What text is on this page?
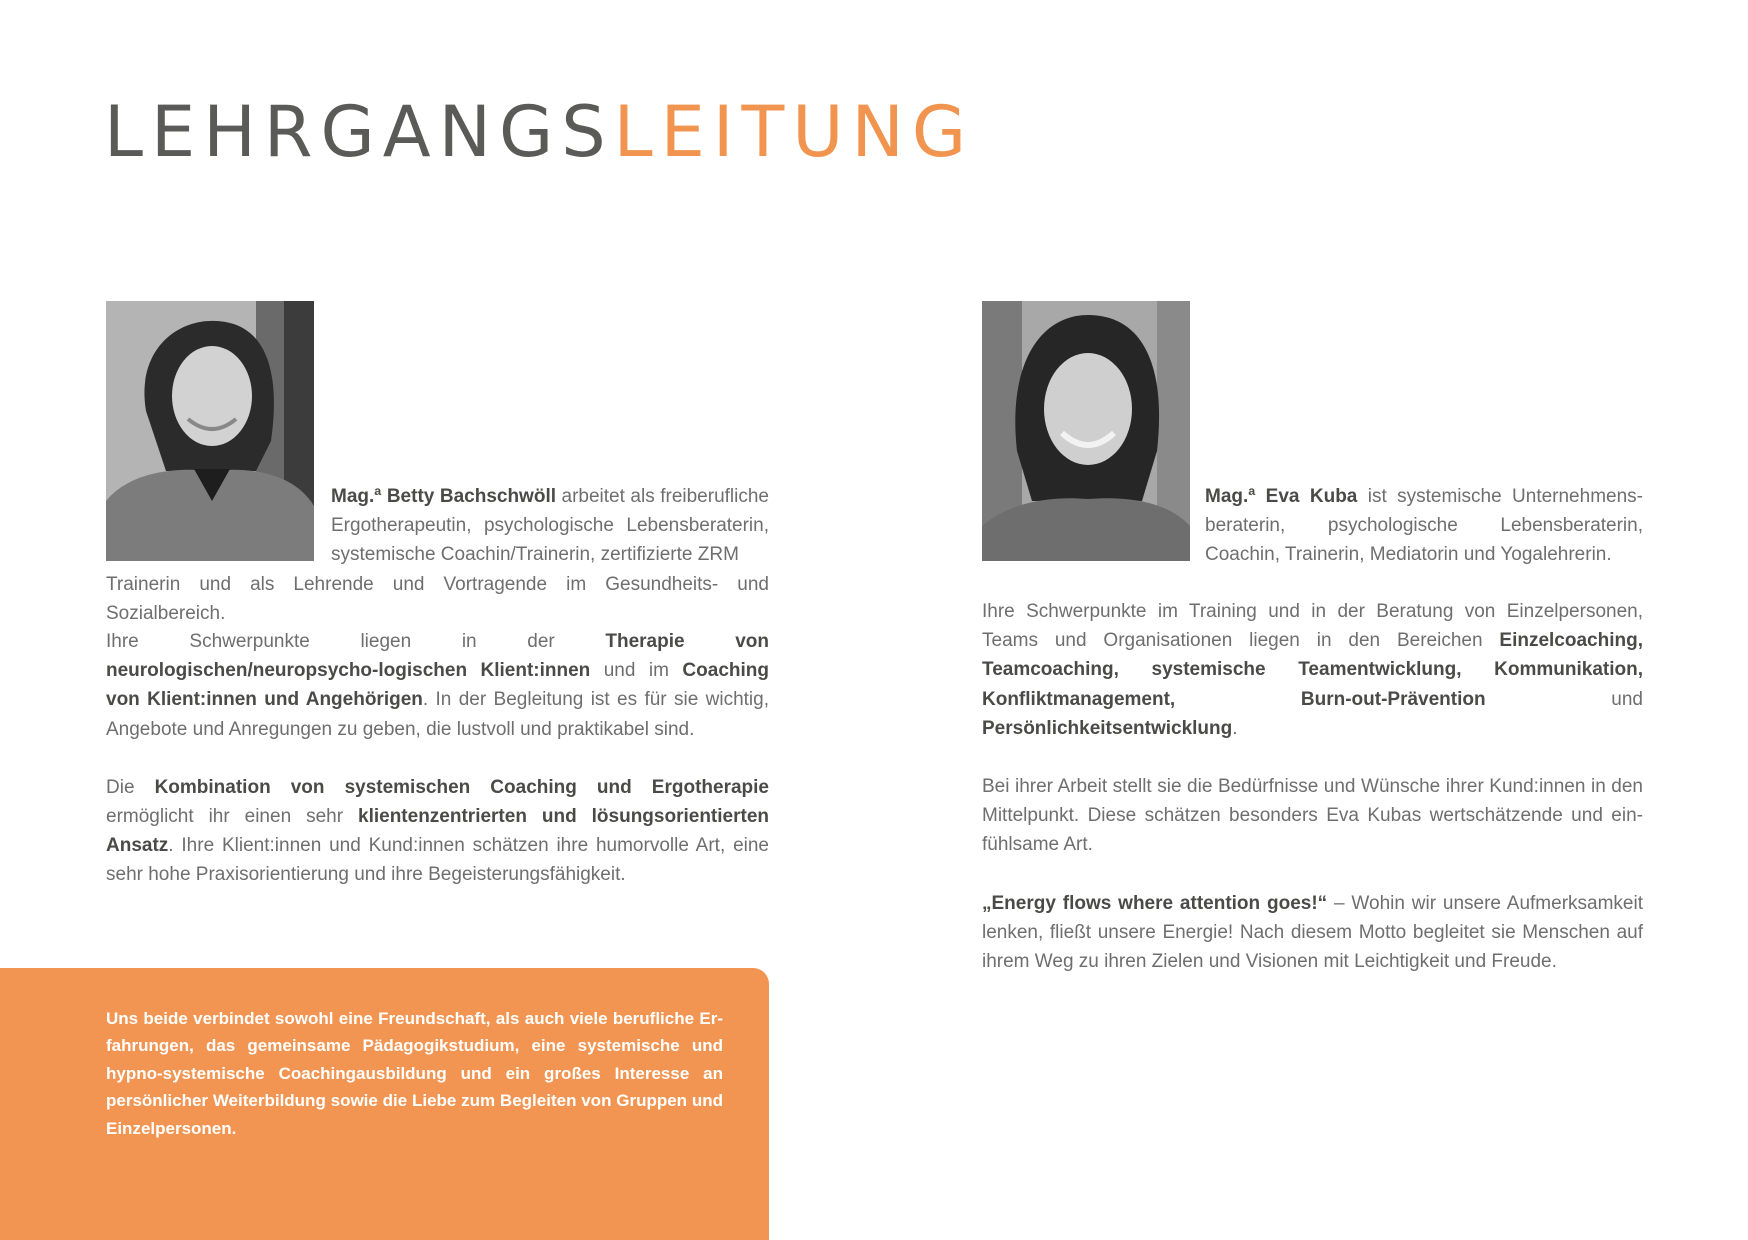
LEHRGANGSLEITUNG
Mag.ª Betty Bachschwöll arbeitet als freiberufliche Ergotherapeutin, psychologische Lebensberaterin, systemische Coachin/Trainerin, zertifizierte ZRM
Trainerin und als Lehrende und Vortragende im Gesundheits- und Sozialbereich.

Ihre Schwerpunkte liegen in der Therapie von neurologischen/neuropsycho-logischen Klient:innen und im Coaching von Klient:innen und Angehörigen. In der Begleitung ist es für sie wichtig, Angebote und Anregungen zu geben, die lustvoll und praktikabel sind.

Die Kombination von systemischen Coaching und Ergotherapie ermöglicht ihr einen sehr klientenzentrierten und lösungsorientierten Ansatz. Ihre Klient:innen und Kund:innen schätzen ihre humorvolle Art, eine sehr hohe Praxisorientierung und ihre Begeisterungsfähigkeit.

Mag.ª Eva Kuba ist systemische Unternehmens-beraterin, psychologische Lebensberaterin, Coachin, Trainerin, Mediatorin und Yogalehrerin.

Ihre Schwerpunkte im Training und in der Beratung von Einzelpersonen, Teams und Organisationen liegen in den Bereichen Einzelcoaching, Teamcoaching, systemische Teamentwicklung, Kommunikation, Konfliktmanagement, Burn-out-Prävention und Persönlichkeitsentwicklung.

Bei ihrer Arbeit stellt sie die Bedürfnisse und Wünsche ihrer Kund:innen in den Mittelpunkt. Diese schätzen besonders Eva Kubas wertschätzende und ein-fühlsame Art.

„Energy flows where attention goes!“ – Wohin wir unsere Aufmerksamkeit lenken, fließt unsere Energie! Nach diesem Motto begleitet sie Menschen auf ihrem Weg zu ihren Zielen und Visionen mit Leichtigkeit und Freude.

Uns beide verbindet sowohl eine Freundschaft, als auch viele berufliche Er-fahrungen, das gemeinsame Pädagogikstudium, eine systemische und hypno-systemische Coachingausbildung und ein großes Interesse an persönlicher Weiterbildung sowie die Liebe zum Begleiten von Gruppen und Einzelpersonen.
